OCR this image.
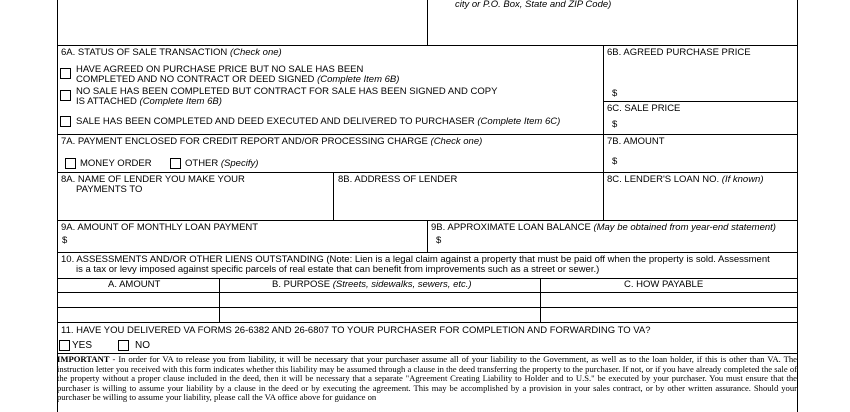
city or P.O. Box, State and ZIP Code)
6A. STATUS OF SALE TRANSACTION (Check one)
HAVE AGREED ON PURCHASE PRICE BUT NO SALE HAS BEEN
COMPLETED AND NO CONTRACT OR DEED SIGNED (Complete Item 6B)
NO SALE HAS BEEN COMPLETED BUT CONTRACT FOR SALE HAS BEEN SIGNED AND COPY
IS ATTACHED (Complete Item 6B)
SALE HAS BEEN COMPLETED AND DEED EXECUTED AND DELIVERED TO PURCHASER (Complete Item 6C)
6B. AGREED PURCHASE PRICE
$
6C. SALE PRICE
$
7A. PAYMENT ENCLOSED FOR CREDIT REPORT AND/OR PROCESSING CHARGE (Check one)
MONEY ORDER	OTHER (Specify)
7B. AMOUNT
$
8A. NAME OF LENDER YOU MAKE YOUR
PAYMENTS TO
8B. ADDRESS OF LENDER	8C. LENDER'S LOAN NO. (If known)
9A. AMOUNT OF MONTHLY LOAN PAYMENT
$
9B. APPROXIMATE LOAN BALANCE (May be obtained from year-end statement)
$
10. ASSESSMENTS AND/OR OTHER LIENS OUTSTANDING (Note: Lien is a legal claim against a property that must be paid off when the property is sold. Assessment
is a tax or levy imposed against specific parcels of real estate that can benefit from improvements such as a street or sewer.)
A. AMOUNT	B. PURPOSE (Streets, sidewalks, sewers, etc.)	C. HOW PAYABLE
11. HAVE YOU DELIVERED VA FORMS 26-6382 AND 26-6807 TO YOUR PURCHASER FOR COMPLETION AND FORWARDING TO VA?
YES	NO
IMPORTANT - In order for VA to release you from liability, it will be necessary that your purchaser assume all of your liability to the Government, as well as to the loan holder, if this is other than VA. The instruction letter you received with this form indicates whether this liability may be assumed through a clause in the deed transferring the property to the purchaser. If not, or if you have already completed the sale of the property without a proper clause included in the deed, then it will be necessary that a separate "Agreement Creating Liability to Holder and to U.S." be executed by your purchaser. You must ensure that the purchaser is willing to assume your liability by a clause in the deed or by executing the agreement. This may be accomplished by a provision in your sales contract, or by other written assurance. Should your purchaser be willing to assume your liability, please call the VA office above for guidance on
